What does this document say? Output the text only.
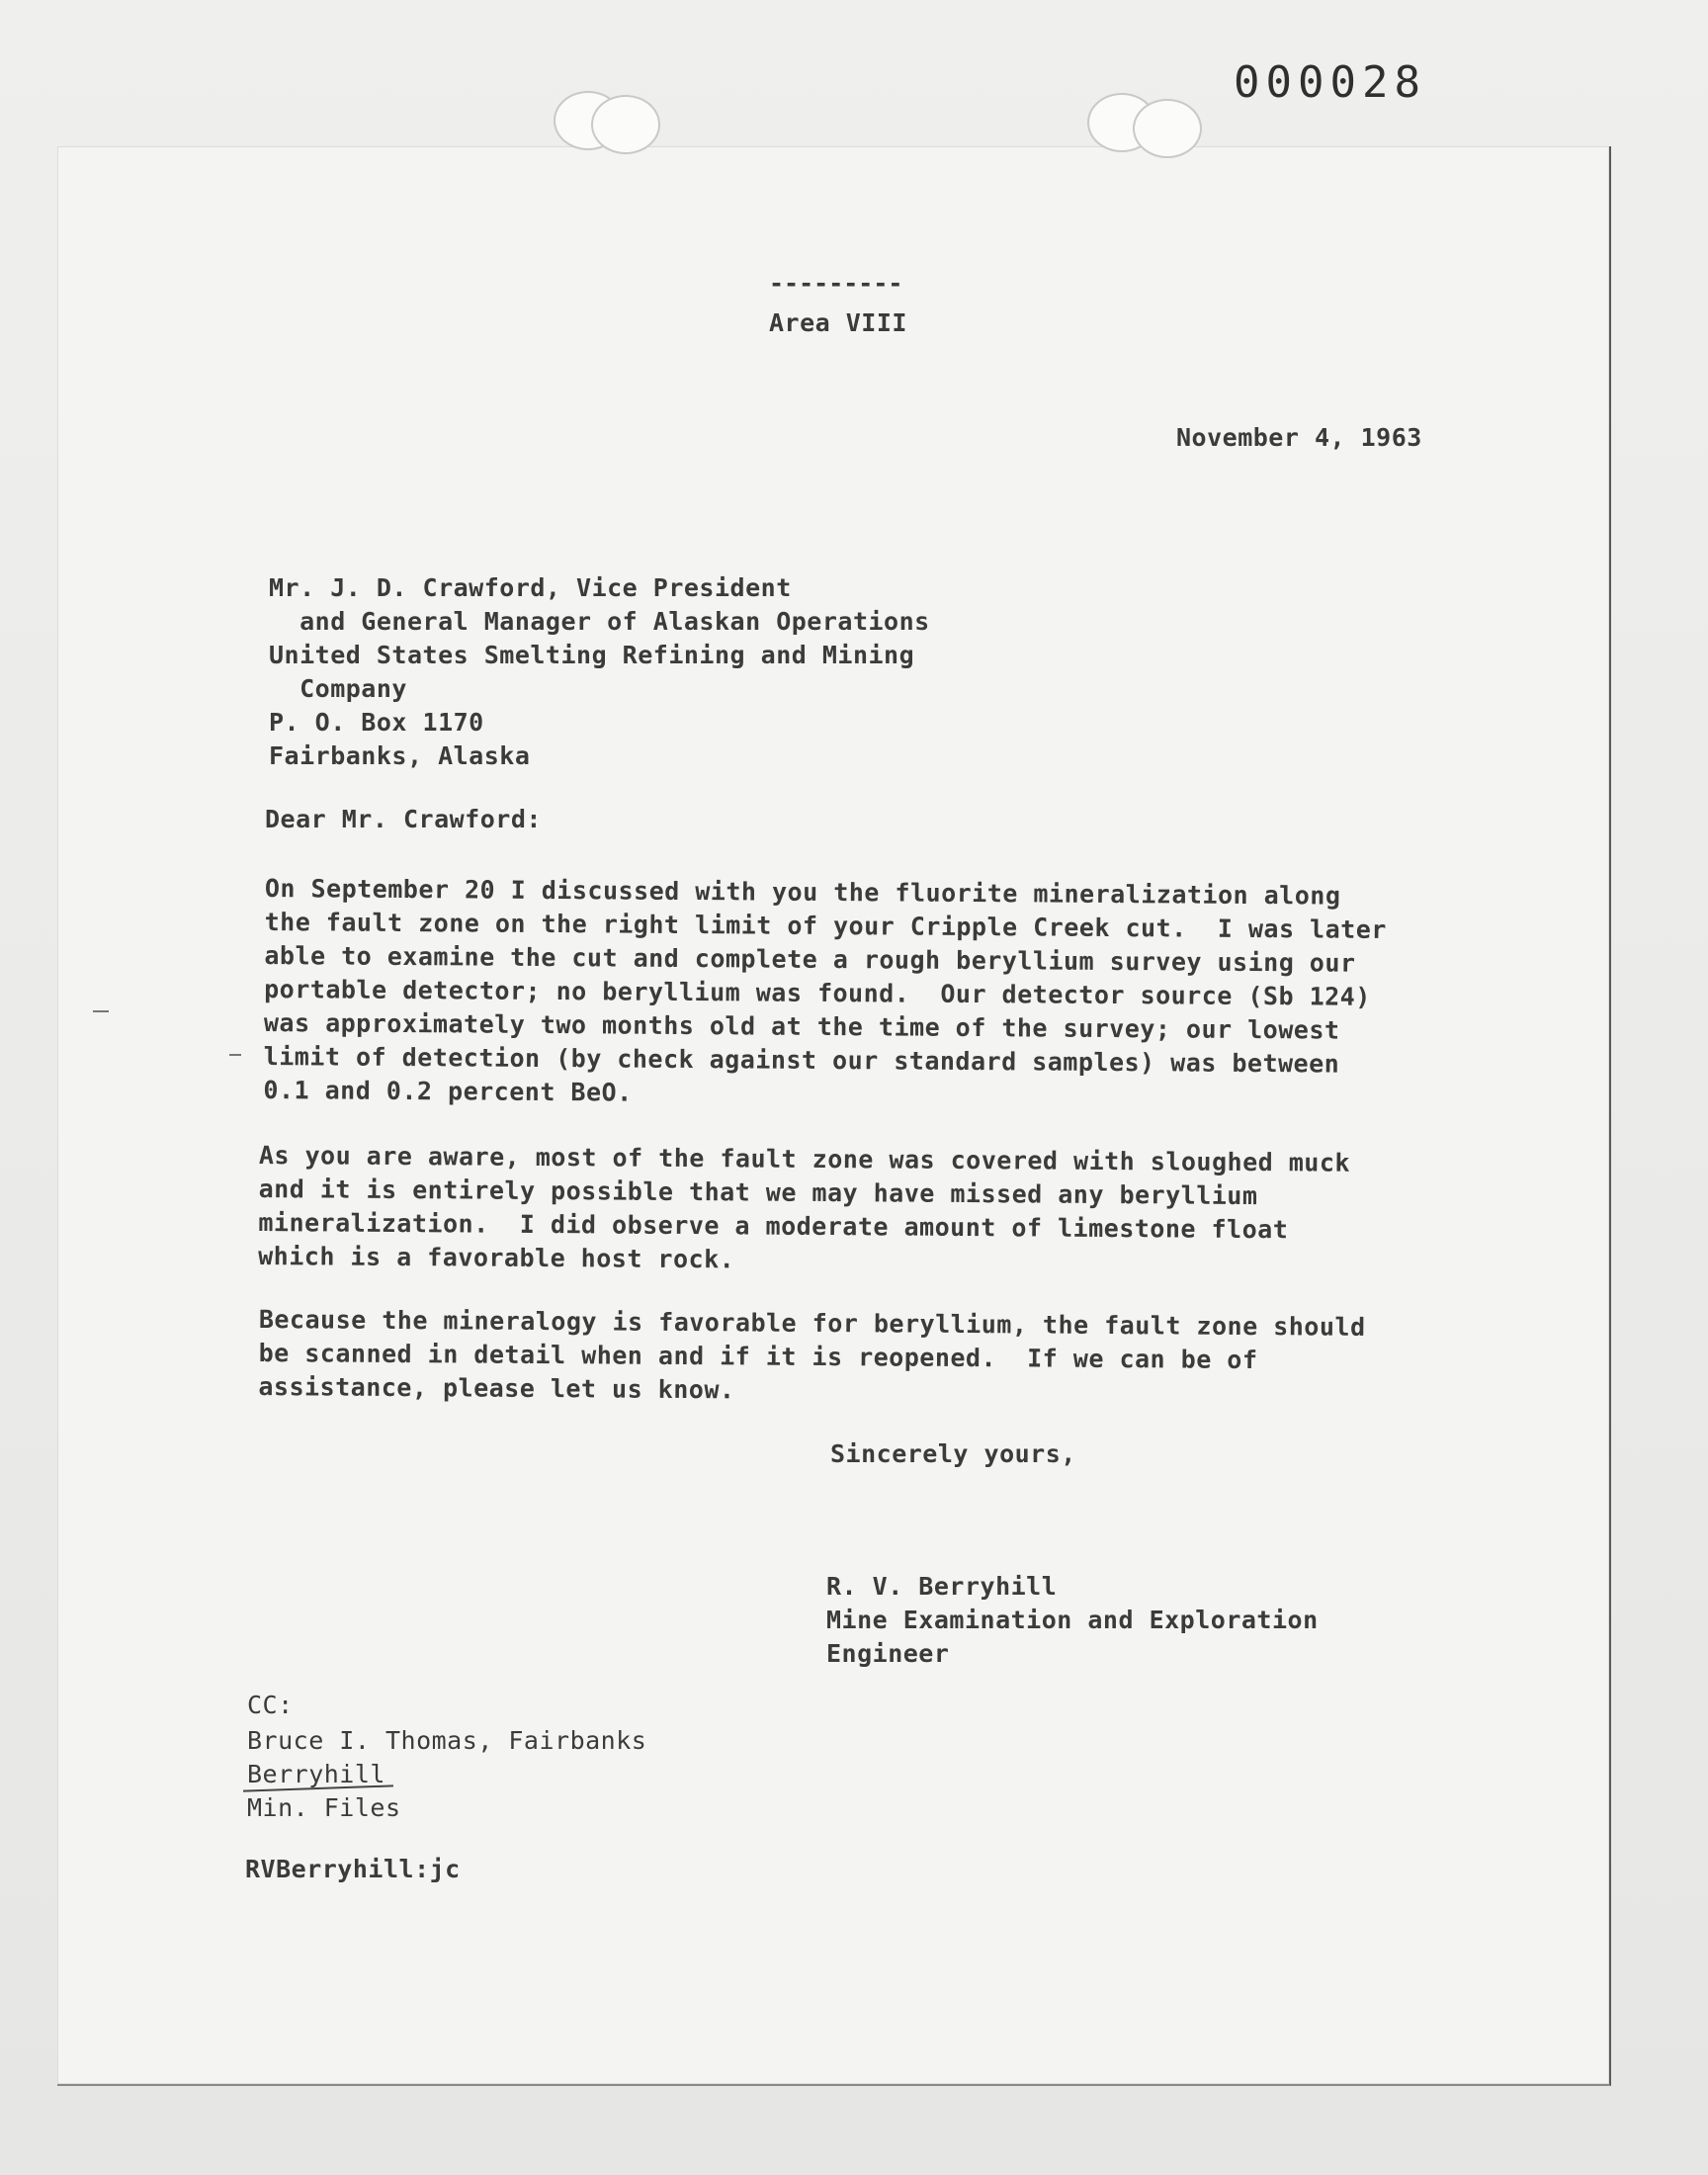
000028
---------
Area VIII
November 4, 1963
Mr. J. D. Crawford, Vice President
and General Manager of Alaskan Operations
United States Smelting Refining and Mining
Company
P. O. Box 1170
Fairbanks, Alaska
Dear Mr. Crawford:
On September 20 I discussed with you the fluorite mineralization along
the fault zone on the right limit of your Cripple Creek cut.  I was later
able to examine the cut and complete a rough beryllium survey using our
portable detector; no beryllium was found.  Our detector source (Sb 124)
was approximately two months old at the time of the survey; our lowest
limit of detection (by check against our standard samples) was between
0.1 and 0.2 percent BeO.
As you are aware, most of the fault zone was covered with sloughed muck
and it is entirely possible that we may have missed any beryllium
mineralization.  I did observe a moderate amount of limestone float
which is a favorable host rock.
Because the mineralogy is favorable for beryllium, the fault zone should
be scanned in detail when and if it is reopened.  If we can be of
assistance, please let us know.
Sincerely yours,
R. V. Berryhill
Mine Examination and Exploration
Engineer
CC:
Bruce I. Thomas, Fairbanks
Berryhill
Min. Files
RVBerryhill:jc
